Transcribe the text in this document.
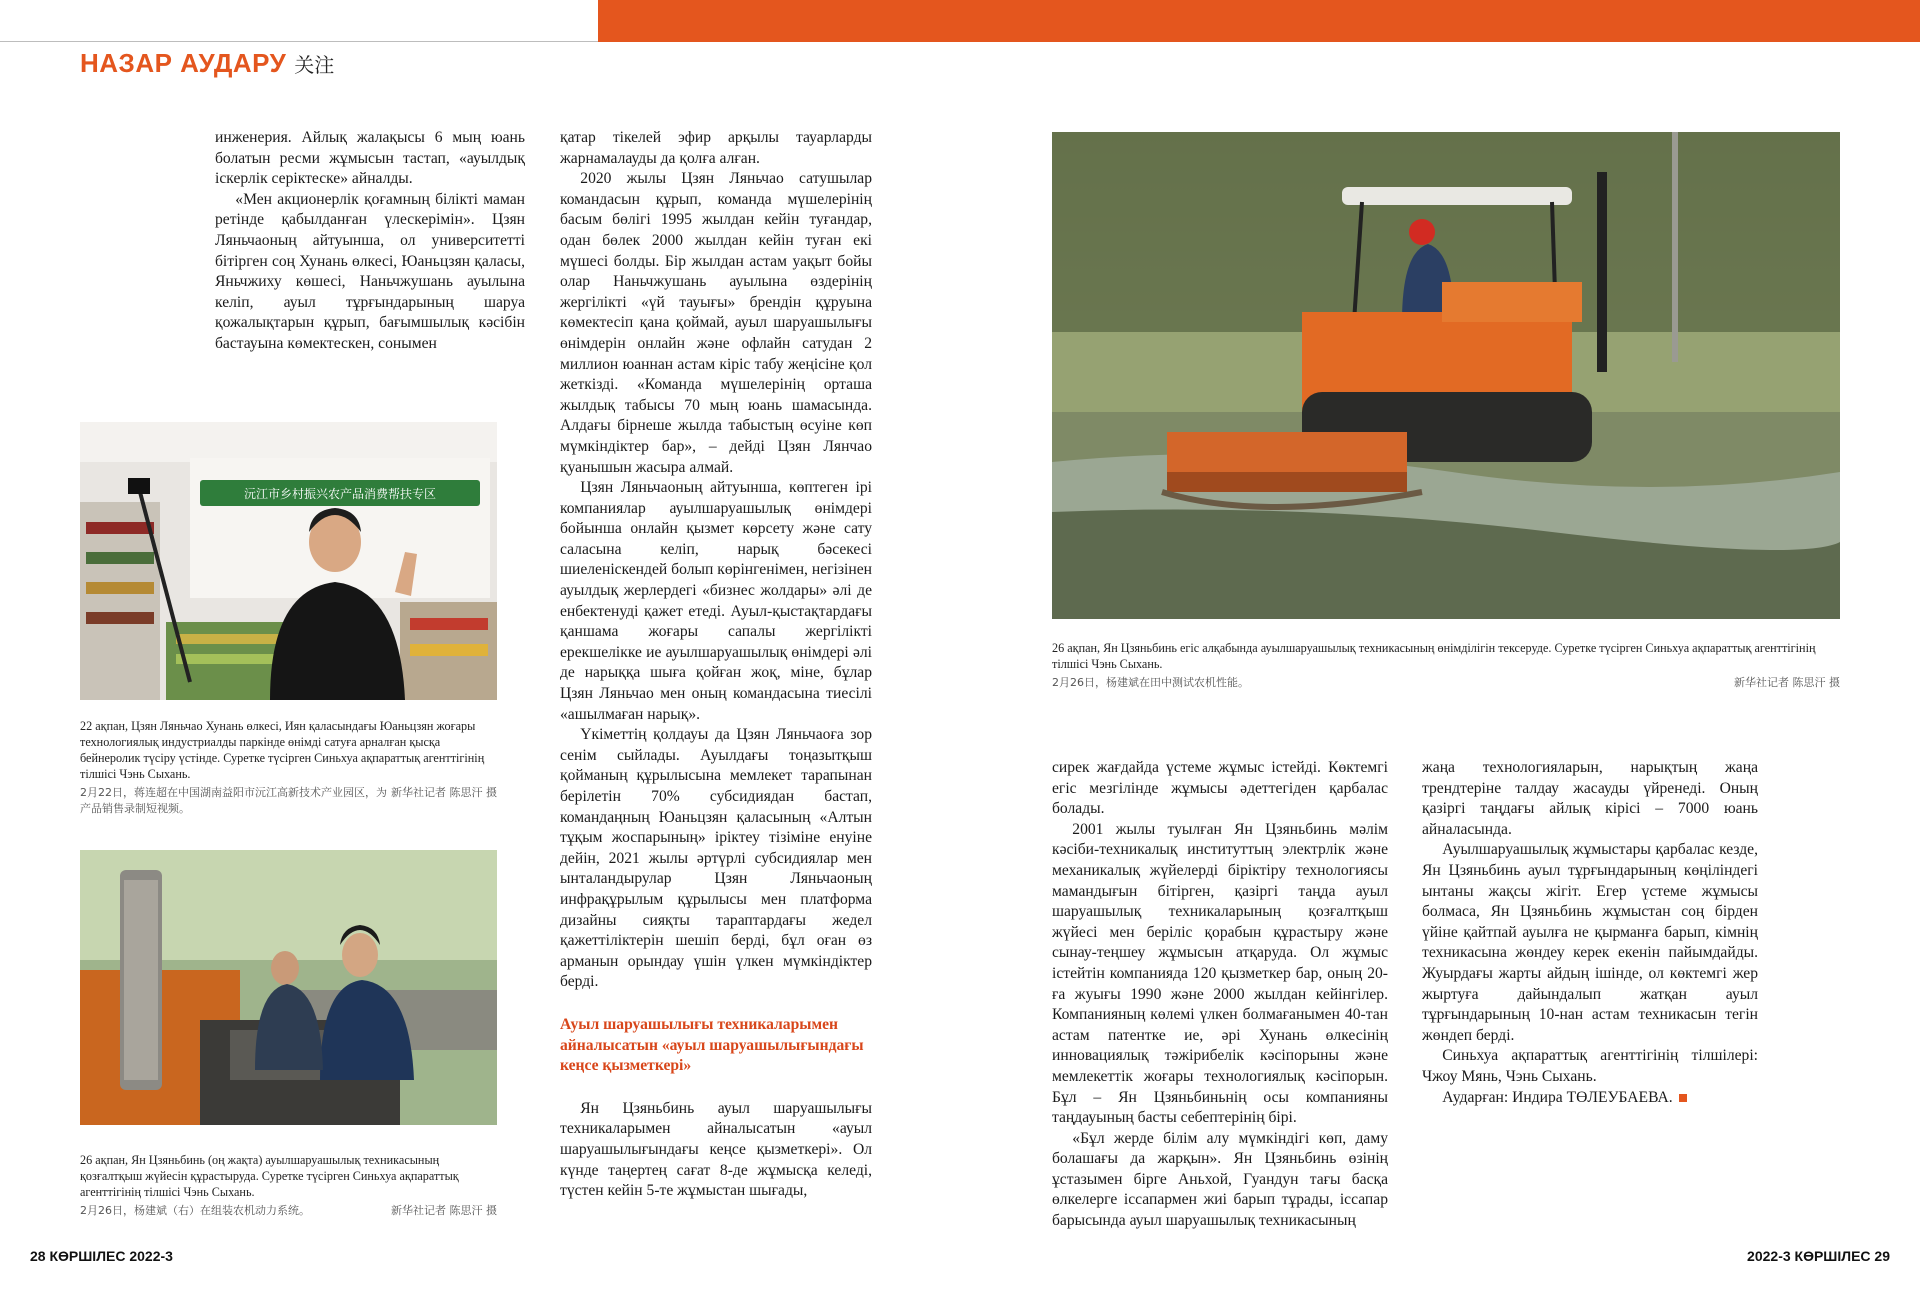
НАЗАР АУДАРУ 关注

инженерия. Айлық жалақысы 6 мың юань болатын ресми жұмысын тастап, «ауылдық іскерлік серіктеске» айналды.

«Мен акционерлік қоғамның білікті маман ретінде қабылданған үлескерімін». Цзян Ляньчаоның айтуынша, ол университетті бітірген соң Хунань өлкесі, Юаньцзян қаласы, Яньчжиху көшесі, Наньчжушань ауылына келіп, ауыл тұрғындарының шаруа қожалықтарын құрып, бағымшылық кәсібін бастауына көмектескен, сонымен

қатар тікелей эфир арқылы тауарларды жарнамалауды да қолға алған.

2020 жылы Цзян Ляньчао сатушылар командасын құрып, команда мүшелерінің басым бөлігі 1995 жылдан кейін туғандар, одан бөлек 2000 жылдан кейін туған екі мүшесі болды. Бір жылдан астам уақыт бойы олар Наньчжушань ауылына өздерінің жергілікті «үй тауығы» брендін құруына көмектесіп қана қоймай, ауыл шаруашылығы өнімдерін онлайн және офлайн сатудан 2 миллион юаннан астам кіріс табу жеңісіне қол жеткізді. «Команда мүшелерінің орташа жылдық табысы 70 мың юань шамасында. Алдағы бірнеше жылда табыстың өсуіне көп мүмкіндіктер бар», – дейді Цзян Лянчао қуанышын жасыра алмай.

Цзян Ляньчаоның айтуынша, көптеген ірі компаниялар ауылшаруашылық өнімдері бойынша онлайн қызмет көрсету және сату саласына келіп, нарық бәсекесі шиеленіскендей болып көрінгенімен, негізінен ауылдық жерлердегі «бизнес жолдары» әлі де енбектенуді қажет етеді. Ауыл-қыстақтардағы қаншама жоғары сапалы жергілікті ерекшелікке ие ауылшаруашылық өнімдері әлі де нарыққа шыға қойған жоқ, міне, бұлар Цзян Ляньчао мен оның командасына тиесілі «ашылмаған нарық».

Үкіметтің қолдауы да Цзян Ляньчаоға зор сенім сыйлады. Ауылдағы тоңазытқыш қойманың құрылысына мемлекет тарапынан берілетін 70% субсидиядан бастап, командаңның Юаньцзян қаласының «Алтын тұқым жоспарының» іріктеу тізіміне енуіне дейін, 2021 жылы әртүрлі субсидиялар мен ынталандырулар Цзян Ляньчаоның инфрақұрылым құрылысы мен платформа дизайны сияқты тараптардағы жедел қажеттіліктерін шешіп берді, бұл оған өз арманын орындау үшін үлкен мүмкіндіктер берді.

Ауыл шаруашылығы техникаларымен айналысатын «ауыл шаруашылығындағы кеңсе қызметкері»

Ян Цзяньбинь ауыл шаруашылығы техникаларымен айналысатын «ауыл шаруашылығындағы кеңсе қызметкері». Ол күнде таңертең сағат 8-де жұмысқа келеді, түстен кейін 5-те жұмыстан шығады,

сирек жағдайда үстеме жұмыс істейді. Көктемгі егіс мезгілінде жұмысы әдеттегіден қарбалас болады.

2001 жылы туылған Ян Цзяньбинь мәлім кәсіби-техникалық институттың электрлік және механикалық жүйелерді біріктіру технологиясы мамандығын бітірген, қазіргі таңда ауыл шаруашылық техникаларының қозғалтқыш жүйесі мен беріліс қорабын құрастыру және сынау-теңшеу жұмысын атқаруда. Ол жұмыс істейтін компанияда 120 қызметкер бар, оның 20-ға жуығы 1990 және 2000 жылдан кейінгілер. Компанияның көлемі үлкен болмағанымен 40-тан астам патентке ие, әрі Хунань өлкесінің инновациялық тәжірибелік кәсіпорыны және мемлекеттік жоғары технологиялық кәсіпорын. Бұл – Ян Цзяньбиньнің осы компанияны таңдауының басты себептерінің бірі.

«Бұл жерде білім алу мүмкіндігі көп, даму болашағы да жарқын». Ян Цзяньбинь өзінің ұстазымен бірге Аньхой, Гуандун тағы басқа өлкелерге іссапармен жиі барып тұрады, іссапар барысында ауыл шаруашылық техникасының

жаңа технологияларын, нарықтың жаңа трендтеріне талдау жасауды үйренеді. Оның қазіргі таңдағы айлық кірісі – 7000 юань айналасында.

Ауылшаруашылық жұмыстары қарбалас кезде, Ян Цзяньбинь ауыл тұрғындарының көңіліндегі ынтаны жақсы жігіт. Егер үстеме жұмысы болмаса, Ян Цзяньбинь жұмыстан соң бірден үйіне қайтпай ауылға не қырманға барып, кімнің техникасына жөндеу керек екенін пайымдайды. Жуырдағы жарты айдың ішінде, ол көктемгі жер жыртуға дайындалып жатқан ауыл тұрғындарының 10-нан астам техникасын тегін жөндеп берді.

Синьхуа ақпараттық агенттігінің тілшілері: Чжоу Мянь, Чэнь Сыхань.

Аударған: Индира ТӨЛЕУБАЕВА.

沅江市乡村振兴农产品消费帮扶专区
22 ақпан, Цзян Ляньчао Хунань өлкесі, Иян қаласындағы Юаньцзян жоғары технологиялық индустриалды паркінде өнімді сатуға арналған қысқа бейнеролик түсіру үстінде. Суретке түсірген Синьхуа ақпараттық агенттігінің тілшісі Чэнь Сыхань.
2月22日，蒋连超在中国湖南益阳市沅江高新技术产业园区，为产品销售录制短视频。
新华社记者 陈思汗 摄
26 ақпан, Ян Цзяньбинь (оң жақта) ауылшаруашылық техникасының қозғалтқыш жүйесін құрастыруда. Суретке түсірген Синьхуа ақпараттық агенттігінің тілшісі Чэнь Сыхань.
2月26日，杨建斌（右）在组装农机动力系统。	新华社记者 陈思汗 摄
26 ақпан, Ян Цзяньбинь егіс алқабында ауылшаруашылық техникасының өнімділігін тексеруде. Суретке түсірген Синьхуа ақпараттық агенттігінің тілшісі Чэнь Сыхань.
2月26日，杨建斌在田中测试农机性能。	新华社记者 陈思汗 摄
28 КӨРШІЛЕС 2022-3	2022-3 КӨРШІЛЕС 29
